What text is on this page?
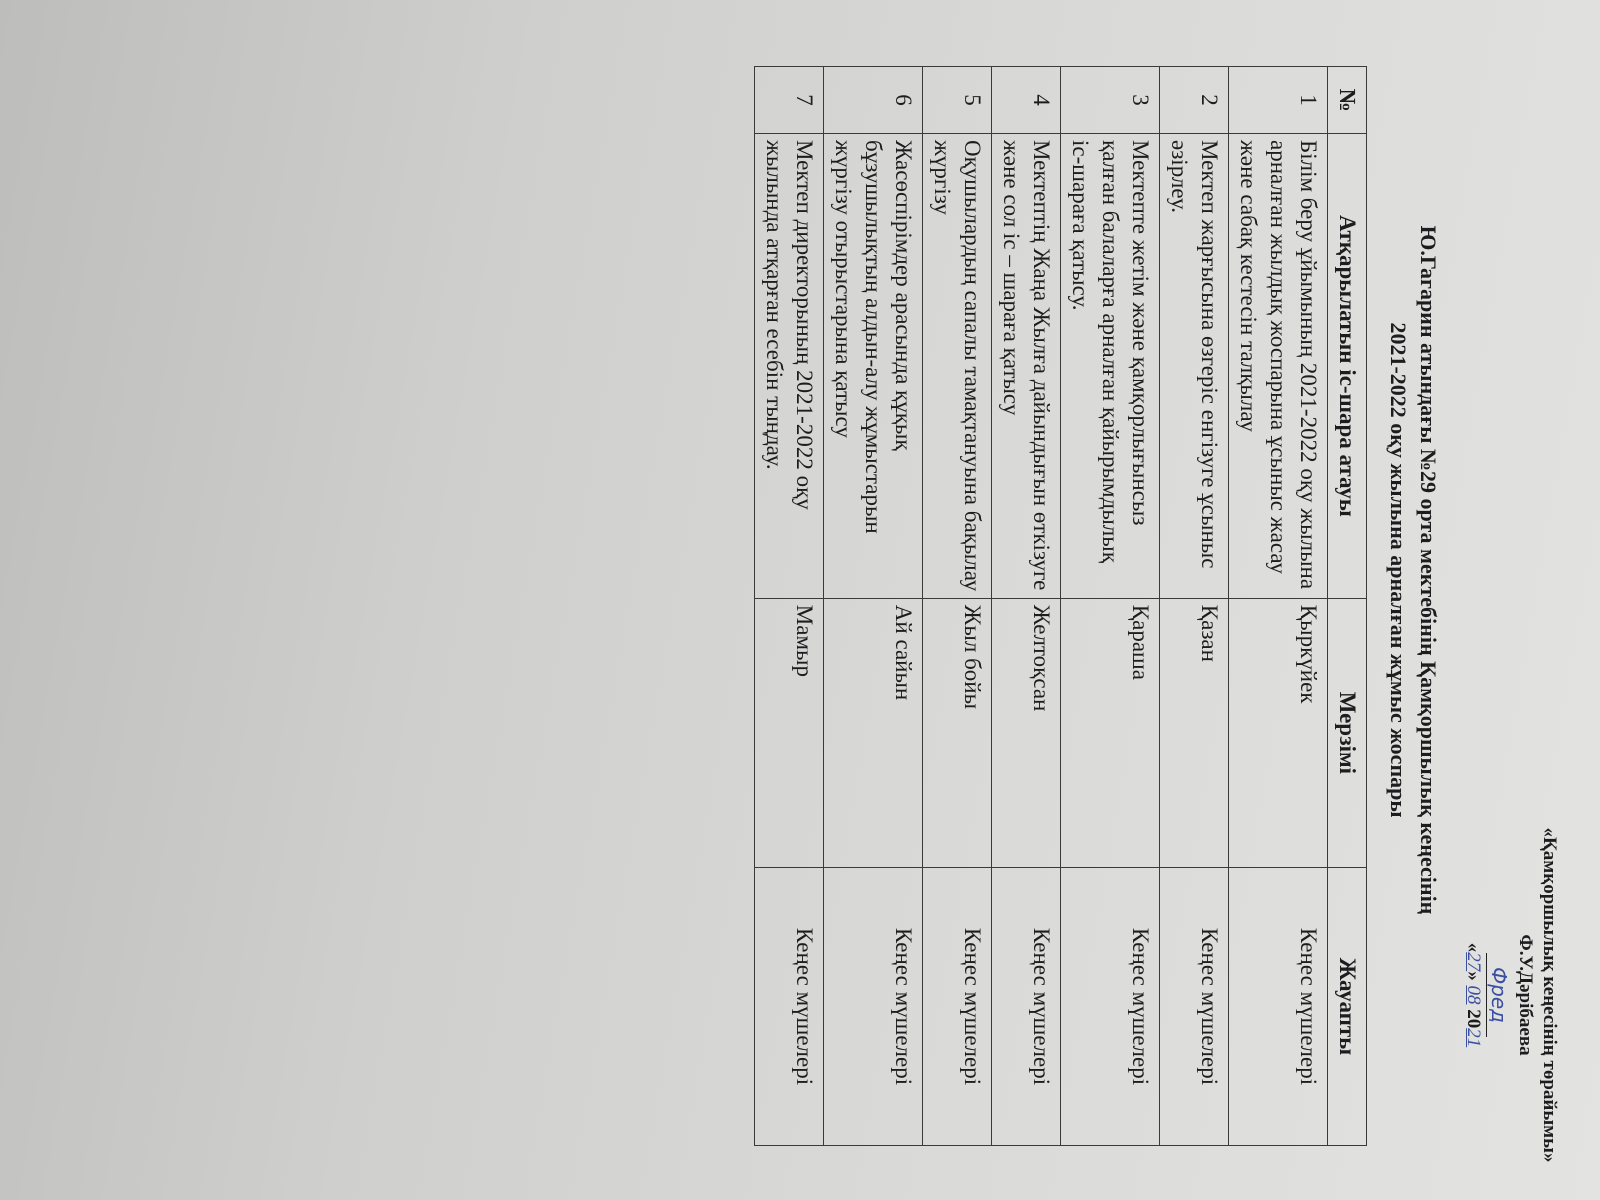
«Қамқоршылық кеңесінің төрайымы»
Ф.У.Дәрібаева
Фред
«27» 08 2021
Ю.Гагарин атындағы №29 орта мектебінің Қамқоршылық кеңесінің
2021-2022 оқу жылына арналған жұмыс жоспары
№	Атқарылатын іс-шара атауы	Мерзімі	Жауапты
1	Білім беру ұйымының 2021-2022 оқу жылына арналған жылдық жоспарына ұсыныс жасау және сабақ кестесін талқылау	Қыркүйек	Кеңес мүшелері
2	Мектеп жарғысына өзгеріс енгізуге ұсыныс әзірлеу.	Қазан	Кеңес мүшелері
3	Мектепте жетім және қамқорлығынсыз қалған балаларға арналған қайырымдылық іс-шараға қатысу.	Қараша	Кеңес мүшелері
4	Мектептің Жаңа Жылға дайындығын өткізуге және сол іс – шараға қатысу	Желтоқсан	Кеңес мүшелері
5	Оқушылардың сапалы тамақтануына бақылау жүргізу	Жыл бойы	Кеңес мүшелері
6	Жасөспірімдер арасында құқық бұзушылықтың алдын-алу жұмыстарын жүргізу отырыстарына қатысу	Ай сайын	Кеңес мүшелері
7	Мектеп директорының 2021-2022 оқу жылында атқарған есебін тыңдау.	Мамыр	Кеңес мүшелері
